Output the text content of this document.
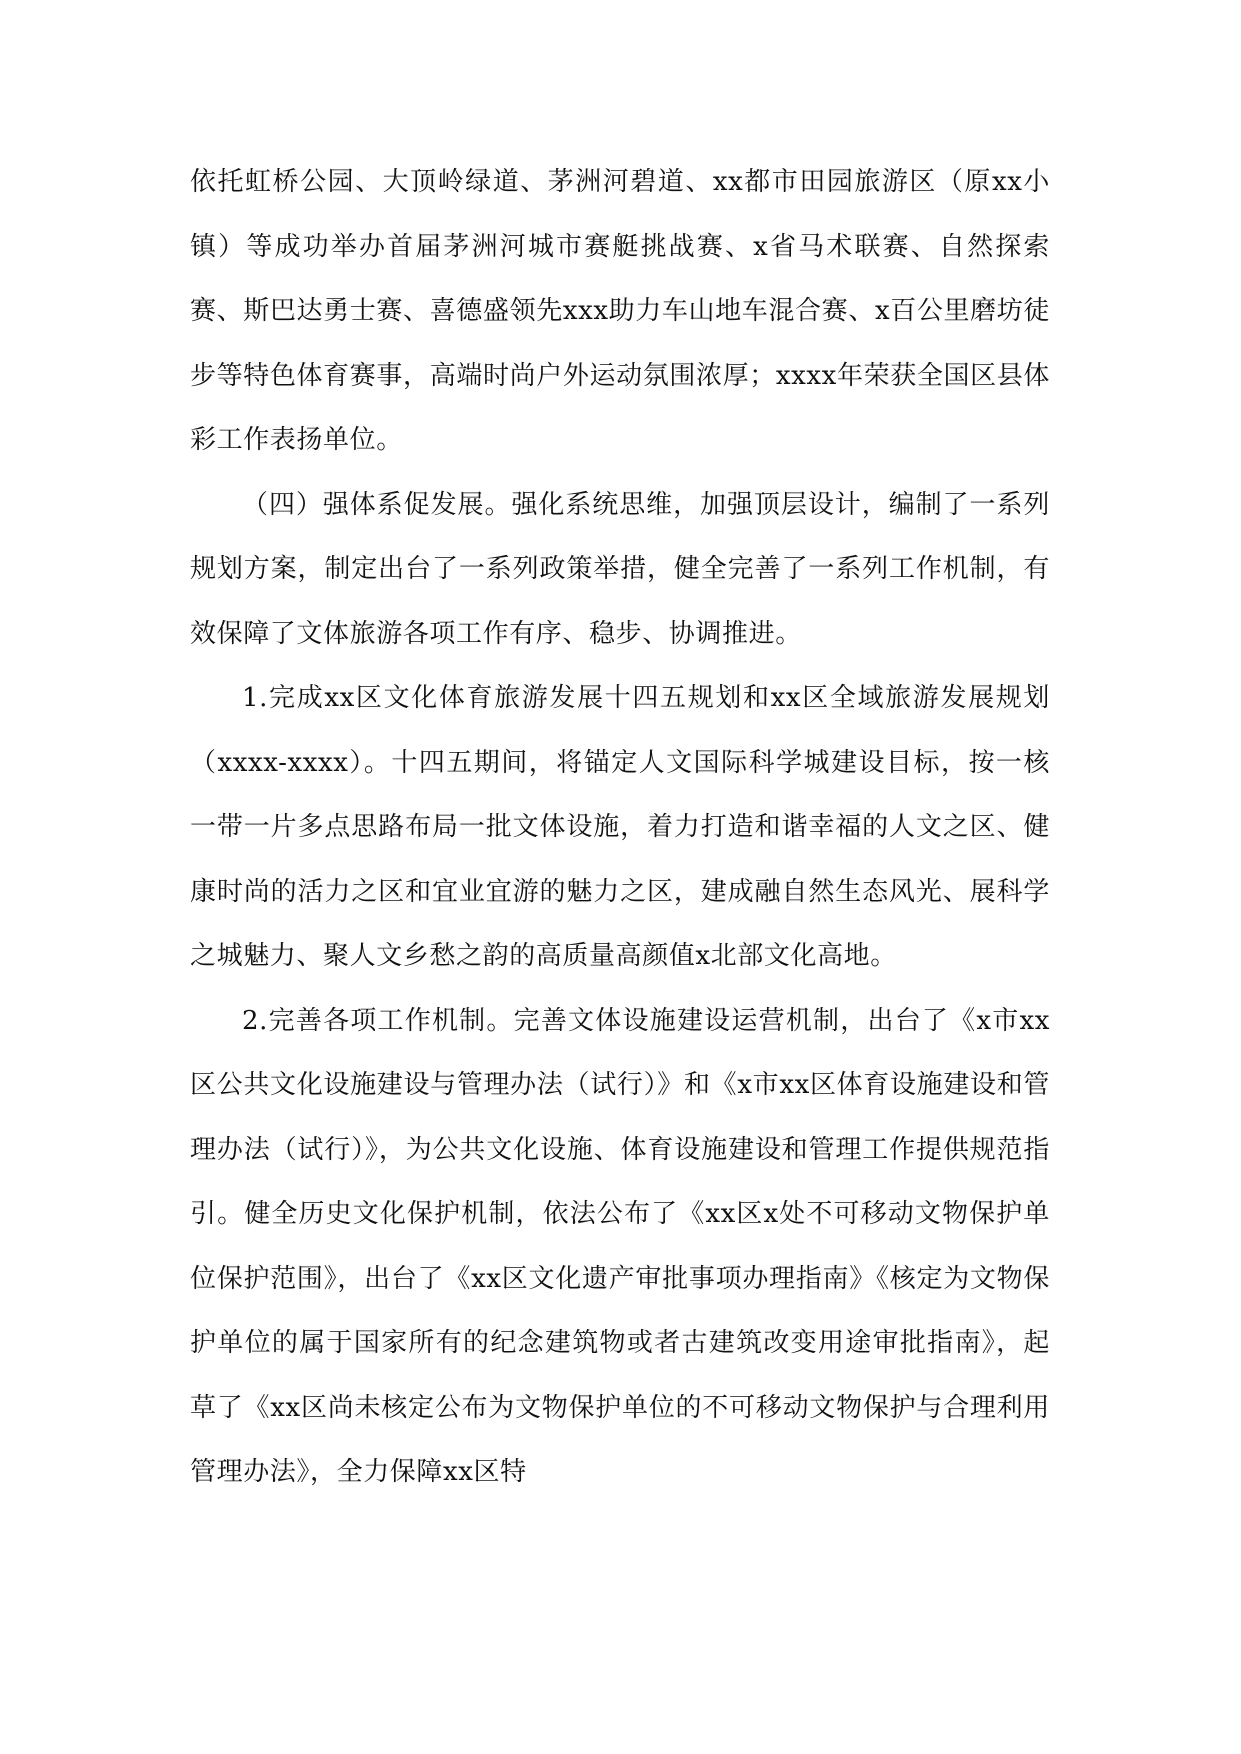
依托虹桥公园、大顶岭绿道、茅洲河碧道、xx都市田园旅游区（原xx小镇）等成功举办首届茅洲河城市赛艇挑战赛、x省马术联赛、自然探索赛、斯巴达勇士赛、喜德盛领先xxx助力车山地车混合赛、x百公里磨坊徒步等特色体育赛事，高端时尚户外运动氛围浓厚；xxxx年荣获全国区县体彩工作表扬单位。

（四）强体系促发展。强化系统思维，加强顶层设计，编制了一系列规划方案，制定出台了一系列政策举措，健全完善了一系列工作机制，有效保障了文体旅游各项工作有序、稳步、协调推进。

1.完成xx区文化体育旅游发展十四五规划和xx区全域旅游发展规划（xxxx-xxxx）。十四五期间，将锚定人文国际科学城建设目标，按一核一带一片多点思路布局一批文体设施，着力打造和谐幸福的人文之区、健康时尚的活力之区和宜业宜游的魅力之区，建成融自然生态风光、展科学之城魅力、聚人文乡愁之韵的高质量高颜值x北部文化高地。

2.完善各项工作机制。完善文体设施建设运营机制，出台了《x市xx区公共文化设施建设与管理办法（试行）》和《x市xx区体育设施建设和管理办法（试行）》，为公共文化设施、体育设施建设和管理工作提供规范指引。健全历史文化保护机制，依法公布了《xx区x处不可移动文物保护单位保护范围》，出台了《xx区文化遗产审批事项办理指南》《核定为文物保护单位的属于国家所有的纪念建筑物或者古建筑改变用途审批指南》，起草了《xx区尚未核定公布为文物保护单位的不可移动文物保护与合理利用管理办法》，全力保障xx区特
